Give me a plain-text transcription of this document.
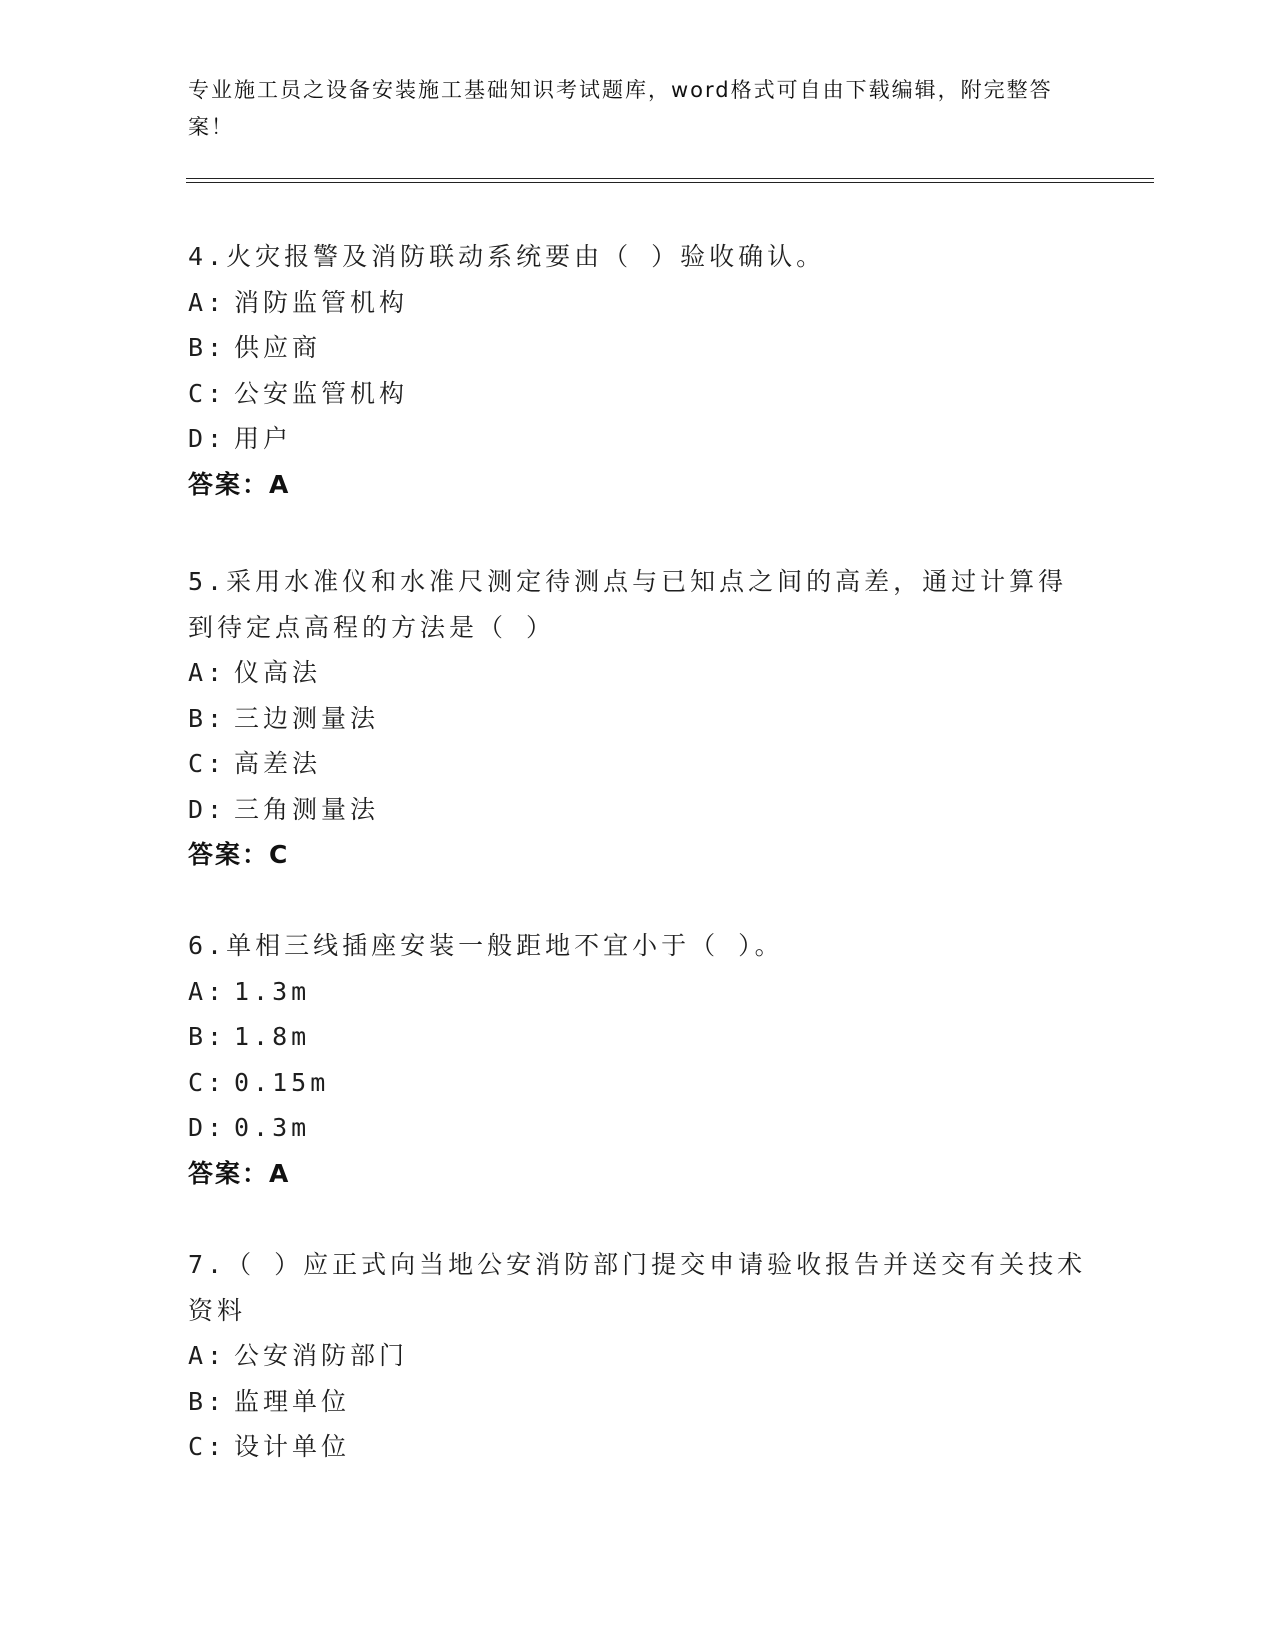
专业施工员之设备安装施工基础知识考试题库，word格式可自由下载编辑，附完整答案！
4.火灾报警及消防联动系统要由（ ）验收确认。
A: 消防监管机构
B: 供应商
C: 公安监管机构
D: 用户
答案：A
5.采用水准仪和水准尺测定待测点与已知点之间的高差，通过计算得
到待定点高程的方法是（ ）
A: 仪高法
B: 三边测量法
C: 高差法
D: 三角测量法
答案：C
6.单相三线插座安装一般距地不宜小于（ ）。
A: 1.3m
B: 1.8m
C: 0.15m
D: 0.3m
答案：A
7.（ ）应正式向当地公安消防部门提交申请验收报告并送交有关技术
资料
A: 公安消防部门
B: 监理单位
C: 设计单位
